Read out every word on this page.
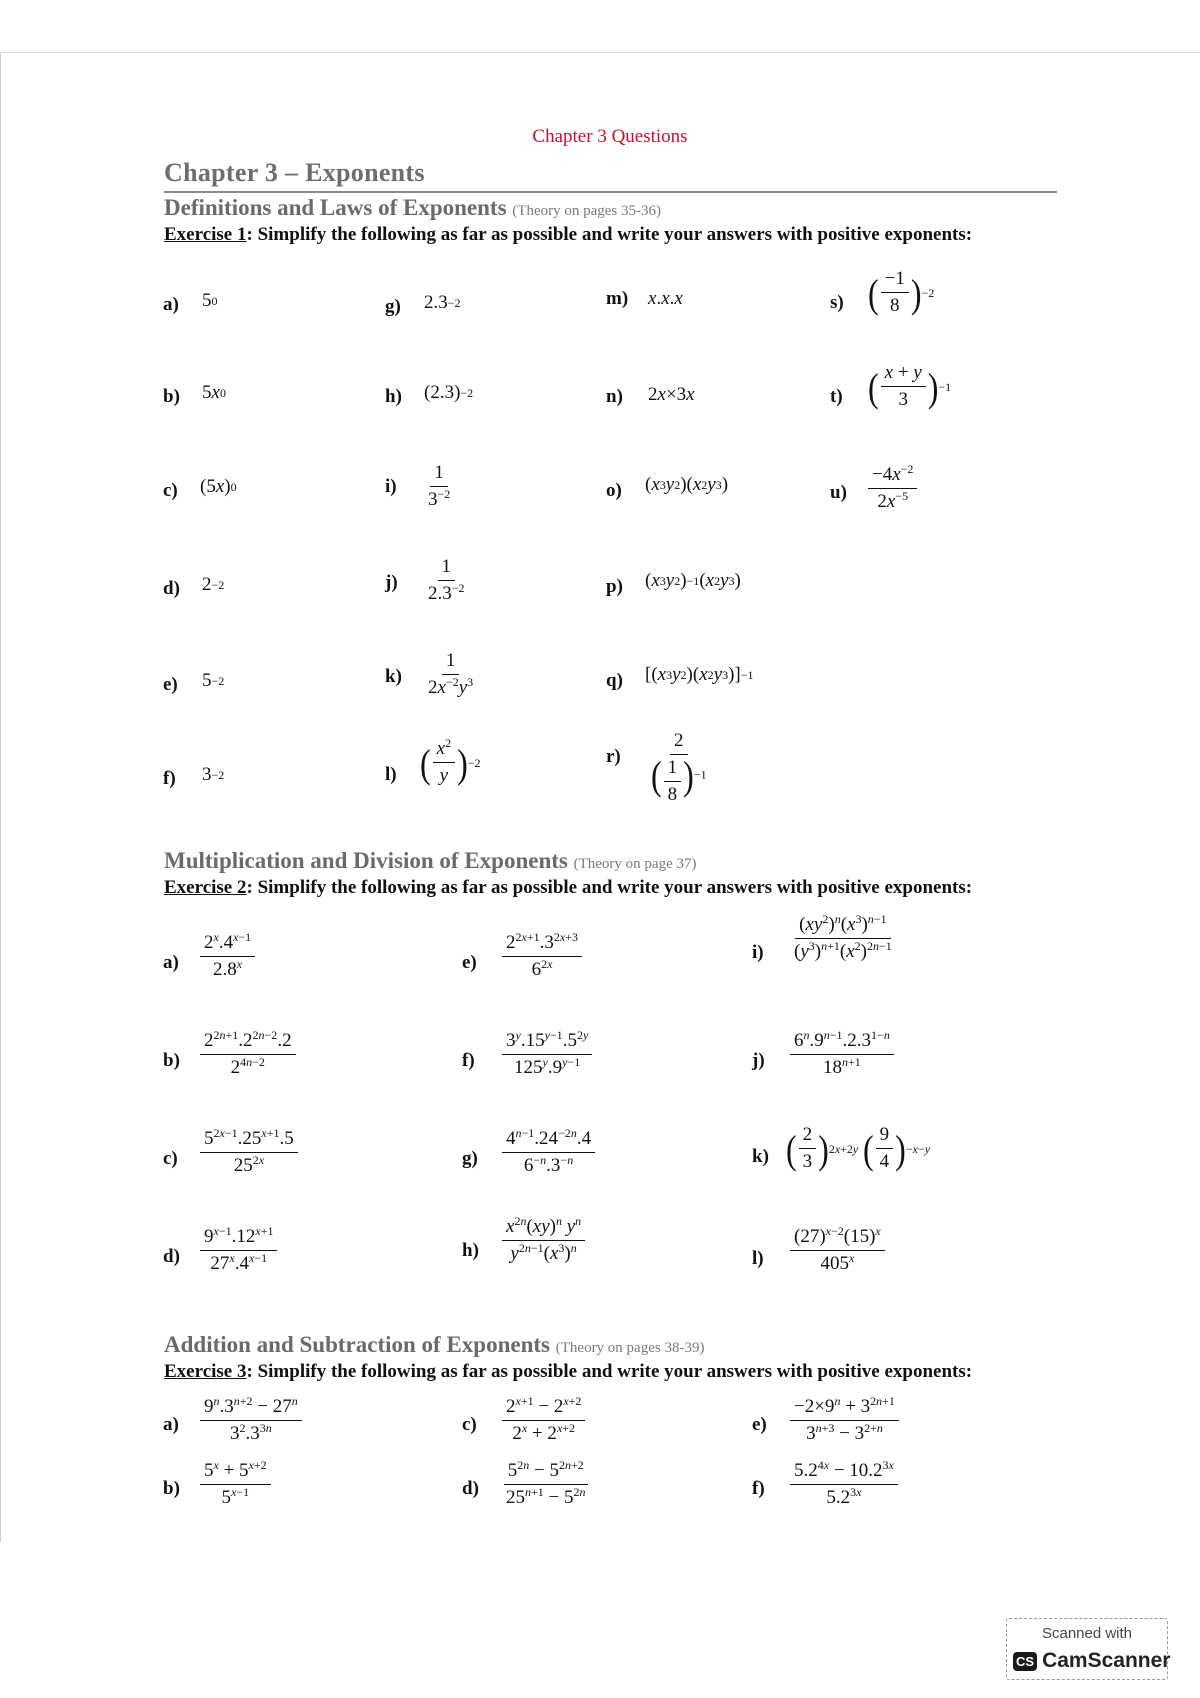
Chapter 3 Questions
Chapter 3 – Exponents
Definitions and Laws of Exponents (Theory on pages 35-36)
Exercise 1: Simplify the following as far as possible and write your answers with positive exponents:
a) 5 0
b) 5 x 0
c) (5 x ) 0
d) 2 −2
e) 5 −2
f) 3 −2
g) 2.3 −2
h) (2.3) −2
$i) \frac{1}{3^{-2}}$
$j) \frac{1}{2.3^{-2}}$
$k) \frac{1}{2x^{-2}y^3}$
l) ( $\frac{x^2}{y}$ ) −2
m) x . x . x
n) 2 x ×3 x
o) ( x 3 y 2 )( x 2 y 3 )
p) ( x 3 y 2 ) −1 ( x 2 y 3 )
q) [( x 3 y 2 )( x 2 y 3 )] −1
$r) \frac{2}{( \frac{1}{8} )^{-1}}$
s) ( $\frac{-1}{8}$ ) −2
t) ( $\frac{x + y}{3}$ ) −1
$u) \frac{-4x^{-2}}{2x^{-5}}$
Multiplication and Division of Exponents (Theory on page 37)
Exercise 2: Simplify the following as far as possible and write your answers with positive exponents:
$a) \frac{2^x.4^{x-1}}{2.8^x}$
$b) \frac{2^{2n+1}.2^{2n-2}.2}{2^{4n-2}}$
$c) \frac{5^{2x-1}.25^{x+1}.5}{25^{2x}}$
$d) \frac{9^{x-1}.12^{x+1}}{27^x.4^{x-1}}$
$e) \frac{2^{2x+1}.3^{2x+3}}{6^{2x}}$
$f) \frac{3^y.15^{y-1}.5^{2y}}{125^y.9^{y-1}}$
$g) \frac{4^{n-1}.24^{-2n}.4}{6^{-n}.3^{-n}}$
$h) \frac{x^{2n}(xy)^n y^n}{y^{2n-1}(x^3)^n}$
$i) \frac{(xy^2)^n(x^3)^{n-1}}{(y^3)^{n+1}(x^2)^{2n-1}}$
$j) \frac{6^n.9^{n-1}.2.3^{1-n}}{18^{n+1}}$
k) ( $\frac{2}{3}$ ) 2x+2y
( $\frac{9}{4}$ ) −x−y
$l) \frac{(27)^{x-2}(15)^x}{405^x}$
Addition and Subtraction of Exponents (Theory on pages 38-39)
Exercise 3: Simplify the following as far as possible and write your answers with positive exponents:
$a) \frac{9^n.3^{n+2} - 27^n}{3^2.3^{3n}}$
$b) \frac{5^x + 5^{x+2}}{5^{x-1}}$
$c) \frac{2^{x+1} - 2^{x+2}}{2^x + 2^{x+2}}$
$d) \frac{5^{2n} - 5^{2n+2}}{25^{n+1} - 5^{2n}}$
$e) \frac{-2\times 9^n + 3^{2n+1}}{3^{n+3} - 3^{2+n}}$
$f) \frac{5.2^{4x} - 10.2^{3x}}{5.2^{3x}}$
Scanned with
CS CamScanner
